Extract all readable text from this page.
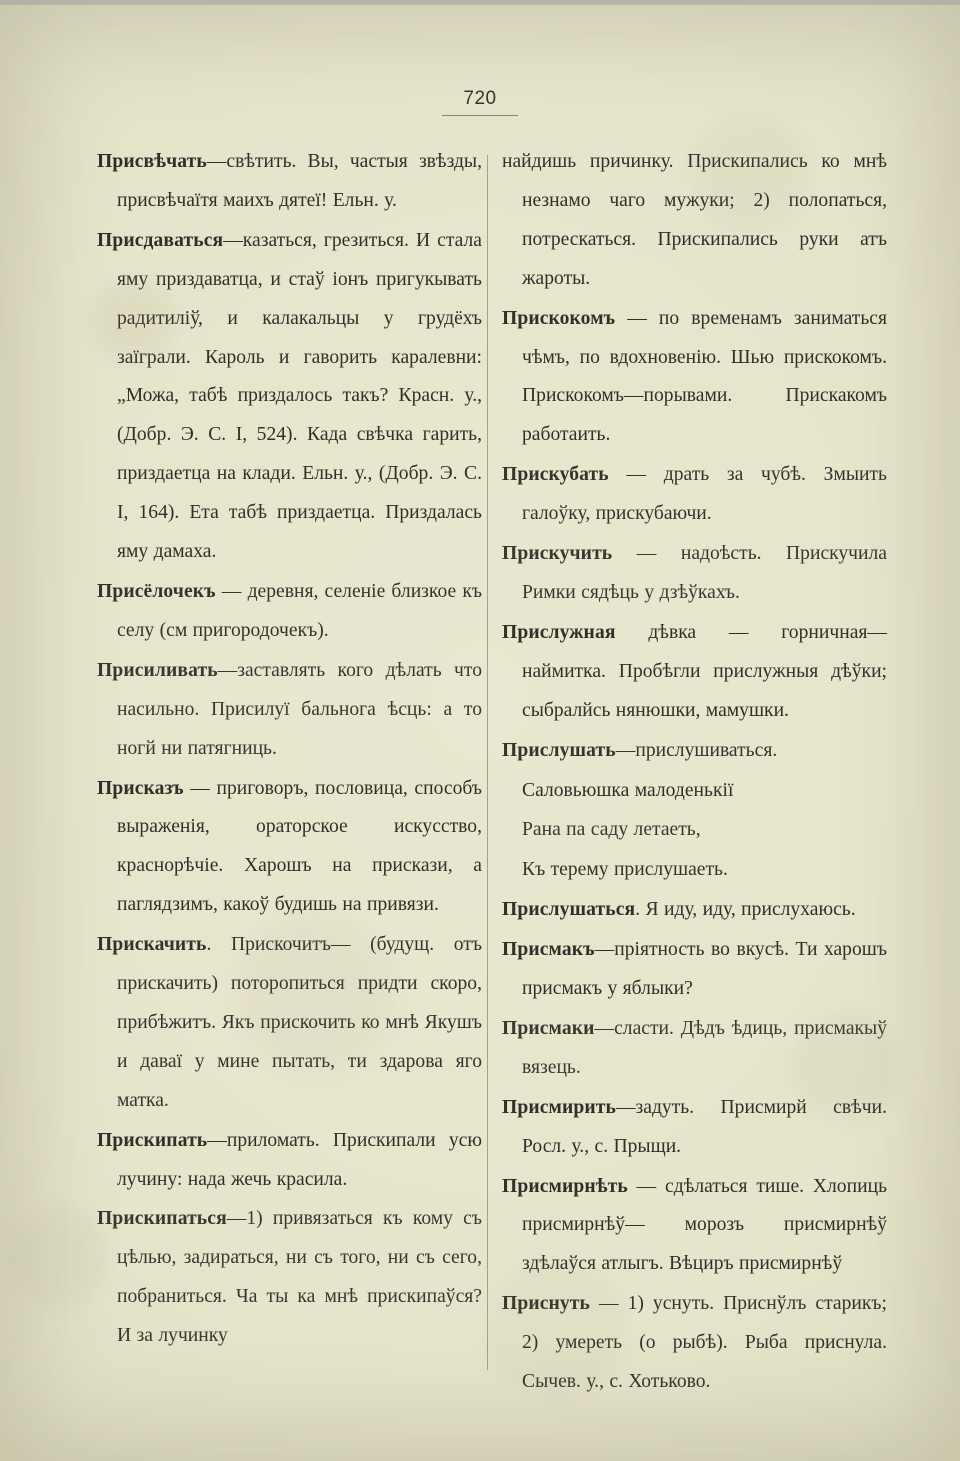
720

Присвѣчать—свѣтить. Вы, частыя звѣзды, присвѣчаїтя маихъ дятеї! Ельн. у.

Присдаваться—казаться, грезиться. И стала яму приздаватца, и стаў іонъ пригукывать радитиліў, и калакальцы у грудёхъ заїграли. Кароль и гаворить каралевни: „Можа, табѣ приздалось такъ? Красн. у., (Добр. Э. С. I, 524). Када свѣчка гарить, приздаетца на клади. Ельн. у., (Добр. Э. С. I, 164). Ета табѣ приздаетца. Приздалась яму дамаха.

Присёлочекъ — деревня, селеніе близкое къ селу (см пригородочекъ).

Присиливать—заставлять кого дѣлать что насильно. Присилуї бальнога ѣсць: а то ногй ни патягниць.

Присказъ — приговоръ, пословица, способъ выраженія, ораторское искусство, краснорѣчіе. Харошъ на прискази, а паглядзимъ, какоў будишь на привязи.

Прискачить. Прискочитъ— (будущ. отъ прискачить) поторопиться придти скоро, прибѣжитъ. Якъ прискочить ко мнѣ Якушъ и даваї у мине пытать, ти здарова яго матка.

Прискипать—приломать. Прискипали усю лучину: нада жечь красила.

Прискипаться—1) привязаться къ кому съ цѣлью, задираться, ни съ того, ни съ сего, побраниться. Ча ты ка мнѣ прискипаўся? И за лучинку

найдишь причинку. Прискипались ко мнѣ незнамо чаго мужуки; 2) полопаться, потрескаться. Прискипались руки атъ жароты.

Прискокомъ — по временамъ заниматься чѣмъ, по вдохновенію. Шью прискокомъ. Прискокомъ—порывами. Прискакомъ работаить.

Прискубать — драть за чубѣ. Змыить галоўку, прискубаючи.

Прискучить — надоѣсть. Прискучила Римки сядѣць у дзѣўкахъ.

Прислужная дѣвка — горничная—наймитка. Пробѣгли прислужныя дѣўки; сыбралйсь нянюшки, мамушки.

Прислушать—прислушиваться.

Саловьюшка малоденькії

Рана па саду летаеть,

Къ терему прислушаеть.

Прислушаться. Я иду, иду, прислухаюсь.

Присмакъ—пріятность во вкусѣ. Ти харошъ присмакъ у яблыки?

Присмаки—сласти. Дѣдъ ѣдиць, присмакыў вязець.

Присмирить—задуть. Присмирй свѣчи. Росл. у., с. Прыщи.

Присмирнѣть — сдѣлаться тише. Хлопиць присмирнѣў— морозъ присмирнѣў здѣлаўся атлыгъ. Вѣциръ присмирнѣў

Приснуть — 1) уснуть. Приснўлъ старикъ; 2) умереть (о рыбѣ). Рыба приснула. Сычев. у., с. Хотьково.
